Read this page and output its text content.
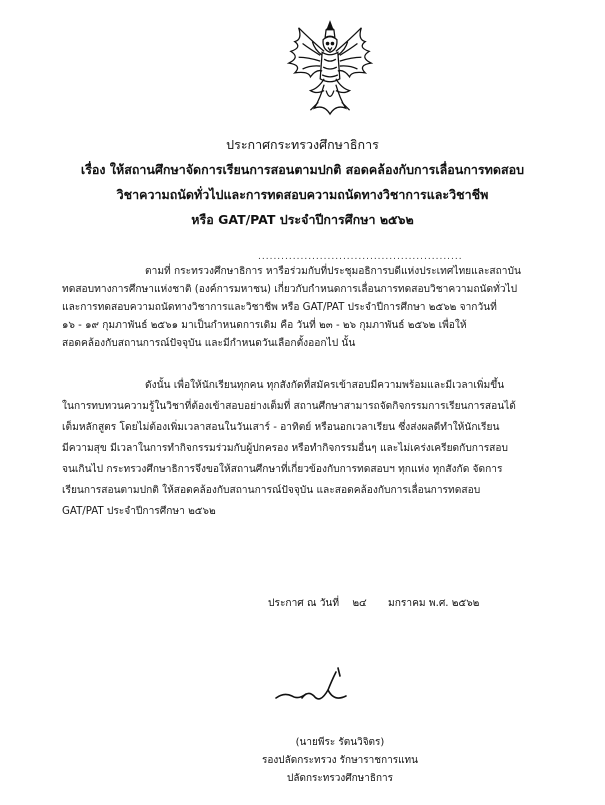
ประกาศกระทรวงศึกษาธิการ
เรื่อง ให้สถานศึกษาจัดการเรียนการสอนตามปกติ สอดคล้องกับการเลื่อนการทดสอบ
วิชาความถนัดทั่วไปและการทดสอบความถนัดทางวิชาการและวิชาชีพ
หรือ GAT/PAT ประจำปีการศึกษา ๒๕๖๒
.....................................................
ตามที่ กระทรวงศึกษาธิการ หารือร่วมกับที่ประชุมอธิการบดีแห่งประเทศไทยและสถาบัน
ทดสอบทางการศึกษาแห่งชาติ (องค์การมหาชน) เกี่ยวกับกำหนดการเลื่อนการทดสอบวิชาความถนัดทั่วไป
และการทดสอบความถนัดทางวิชาการและวิชาชีพ หรือ GAT/PAT ประจำปีการศึกษา ๒๕๖๒ จากวันที่
๑๖ - ๑๙ กุมภาพันธ์ ๒๕๖๑ มาเป็นกำหนดการเดิม คือ วันที่ ๒๓ - ๒๖ กุมภาพันธ์ ๒๕๖๒ เพื่อให้
สอดคล้องกับสถานการณ์ปัจจุบัน และมีกำหนดวันเลือกตั้งออกไป นั้น
ดังนั้น เพื่อให้นักเรียนทุกคน ทุกสังกัดที่สมัครเข้าสอบมีความพร้อมและมีเวลาเพิ่มขึ้น
ในการทบทวนความรู้ในวิชาที่ต้องเข้าสอบอย่างเต็มที่ สถานศึกษาสามารถจัดกิจกรรมการเรียนการสอนได้
เต็มหลักสูตร โดยไม่ต้องเพิ่มเวลาสอนในวันเสาร์ - อาทิตย์ หรือนอกเวลาเรียน ซึ่งส่งผลดีทำให้นักเรียน
มีความสุข มีเวลาในการทำกิจกรรมร่วมกับผู้ปกครอง หรือทำกิจกรรมอื่นๆ และไม่เคร่งเครียดกับการสอบ
จนเกินไป กระทรวงศึกษาธิการจึงขอให้สถานศึกษาที่เกี่ยวข้องกับการทดสอบฯ ทุกแห่ง ทุกสังกัด จัดการ
เรียนการสอนตามปกติ ให้สอดคล้องกับสถานการณ์ปัจจุบัน และสอดคล้องกับการเลื่อนการทดสอบ
GAT/PAT ประจำปีการศึกษา ๒๕๖๒
ประกาศ ณ วันที่ ๒๔ มกราคม พ.ศ. ๒๕๖๒
(นายพีระ รัตนวิจิตร)
รองปลัดกระทรวง รักษาราชการแทน
ปลัดกระทรวงศึกษาธิการ
